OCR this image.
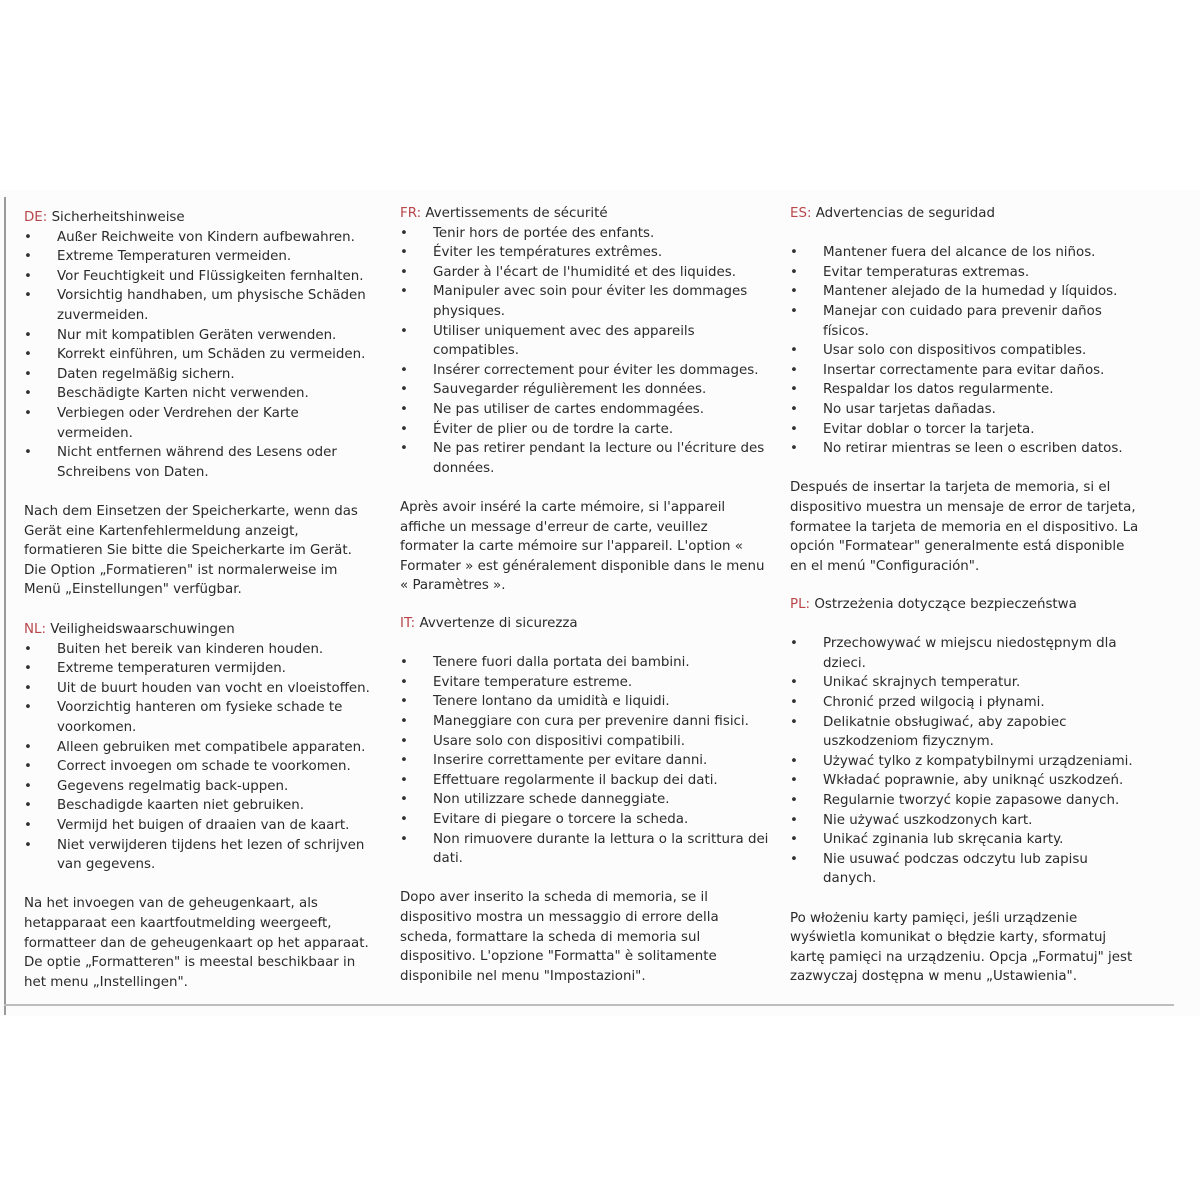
DE: Sicherheitshinweise

• Außer Reichweite von Kindern aufbewahren.
• Extreme Temperaturen vermeiden.
• Vor Feuchtigkeit und Flüssigkeiten fernhalten.
• Vorsichtig handhaben, um physische Schäden zuvermeiden.
• Nur mit kompatiblen Geräten verwenden.
• Korrekt einführen, um Schäden zu vermeiden.
• Daten regelmäßig sichern.
• Beschädigte Karten nicht verwenden.
• Verbiegen oder Verdrehen der Karte vermeiden.
• Nicht entfernen während des Lesens oder Schreibens von Daten.

Nach dem Einsetzen der Speicherkarte, wenn das Gerät eine Kartenfehlermeldung anzeigt, formatieren Sie bitte die Speicherkarte im Gerät. Die Option „Formatieren" ist normalerweise im Menü „Einstellungen" verfügbar.

NL: Veiligheidswaarschuwingen

• Buiten het bereik van kinderen houden.
• Extreme temperaturen vermijden.
• Uit de buurt houden van vocht en vloeistoffen.
• Voorzichtig hanteren om fysieke schade te voorkomen.
• Alleen gebruiken met compatibele apparaten.
• Correct invoegen om schade te voorkomen.
• Gegevens regelmatig back-uppen.
• Beschadigde kaarten niet gebruiken.
• Vermijd het buigen of draaien van de kaart.
• Niet verwijderen tijdens het lezen of schrijven van gegevens.

Na het invoegen van de geheugenkaart, als hetapparaat een kaartfoutmelding weergeeft, formatteer dan de geheugenkaart op het apparaat. De optie „Formatteren" is meestal beschikbaar in het menu „Instellingen".

FR: Avertissements de sécurité

• Tenir hors de portée des enfants.
• Éviter les températures extrêmes.
• Garder à l'écart de l'humidité et des liquides.
• Manipuler avec soin pour éviter les dommages physiques.
• Utiliser uniquement avec des appareils compatibles.
• Insérer correctement pour éviter les dommages.
• Sauvegarder régulièrement les données.
• Ne pas utiliser de cartes endommagées.
• Éviter de plier ou de tordre la carte.
• Ne pas retirer pendant la lecture ou l'écriture des données.

Après avoir inséré la carte mémoire, si l'appareil affiche un message d'erreur de carte, veuillez formater la carte mémoire sur l'appareil. L'option « Formater » est généralement disponible dans le menu « Paramètres ».

IT: Avvertenze di sicurezza

• Tenere fuori dalla portata dei bambini.
• Evitare temperature estreme.
• Tenere lontano da umidità e liquidi.
• Maneggiare con cura per prevenire danni fisici.
• Usare solo con dispositivi compatibili.
• Inserire correttamente per evitare danni.
• Effettuare regolarmente il backup dei dati.
• Non utilizzare schede danneggiate.
• Evitare di piegare o torcere la scheda.
• Non rimuovere durante la lettura o la scrittura dei dati.

Dopo aver inserito la scheda di memoria, se il dispositivo mostra un messaggio di errore della scheda, formattare la scheda di memoria sul dispositivo. L'opzione "Formatta" è solitamente disponibile nel menu "Impostazioni".

ES: Advertencias de seguridad

• Mantener fuera del alcance de los niños.
• Evitar temperaturas extremas.
• Mantener alejado de la humedad y líquidos.
• Manejar con cuidado para prevenir daños físicos.
• Usar solo con dispositivos compatibles.
• Insertar correctamente para evitar daños.
• Respaldar los datos regularmente.
• No usar tarjetas dañadas.
• Evitar doblar o torcer la tarjeta.
• No retirar mientras se leen o escriben datos.

Después de insertar la tarjeta de memoria, si el dispositivo muestra un mensaje de error de tarjeta, formatee la tarjeta de memoria en el dispositivo. La opción "Formatear" generalmente está disponible en el menú "Configuración".

PL: Ostrzeżenia dotyczące bezpieczeństwa

• Przechowywać w miejscu niedostępnym dla dzieci.
• Unikać skrajnych temperatur.
• Chronić przed wilgocią i płynami.
• Delikatnie obsługiwać, aby zapobiec uszkodzeniom fizycznym.
• Używać tylko z kompatybilnymi urządzeniami.
• Wkładać poprawnie, aby uniknąć uszkodzeń.
• Regularnie tworzyć kopie zapasowe danych.
• Nie używać uszkodzonych kart.
• Unikać zginania lub skręcania karty.
• Nie usuwać podczas odczytu lub zapisu danych.

Po włożeniu karty pamięci, jeśli urządzenie wyświetla komunikat o błędzie karty, sformatuj kartę pamięci na urządzeniu. Opcja „Formatuj" jest zazwyczaj dostępna w menu „Ustawienia".
